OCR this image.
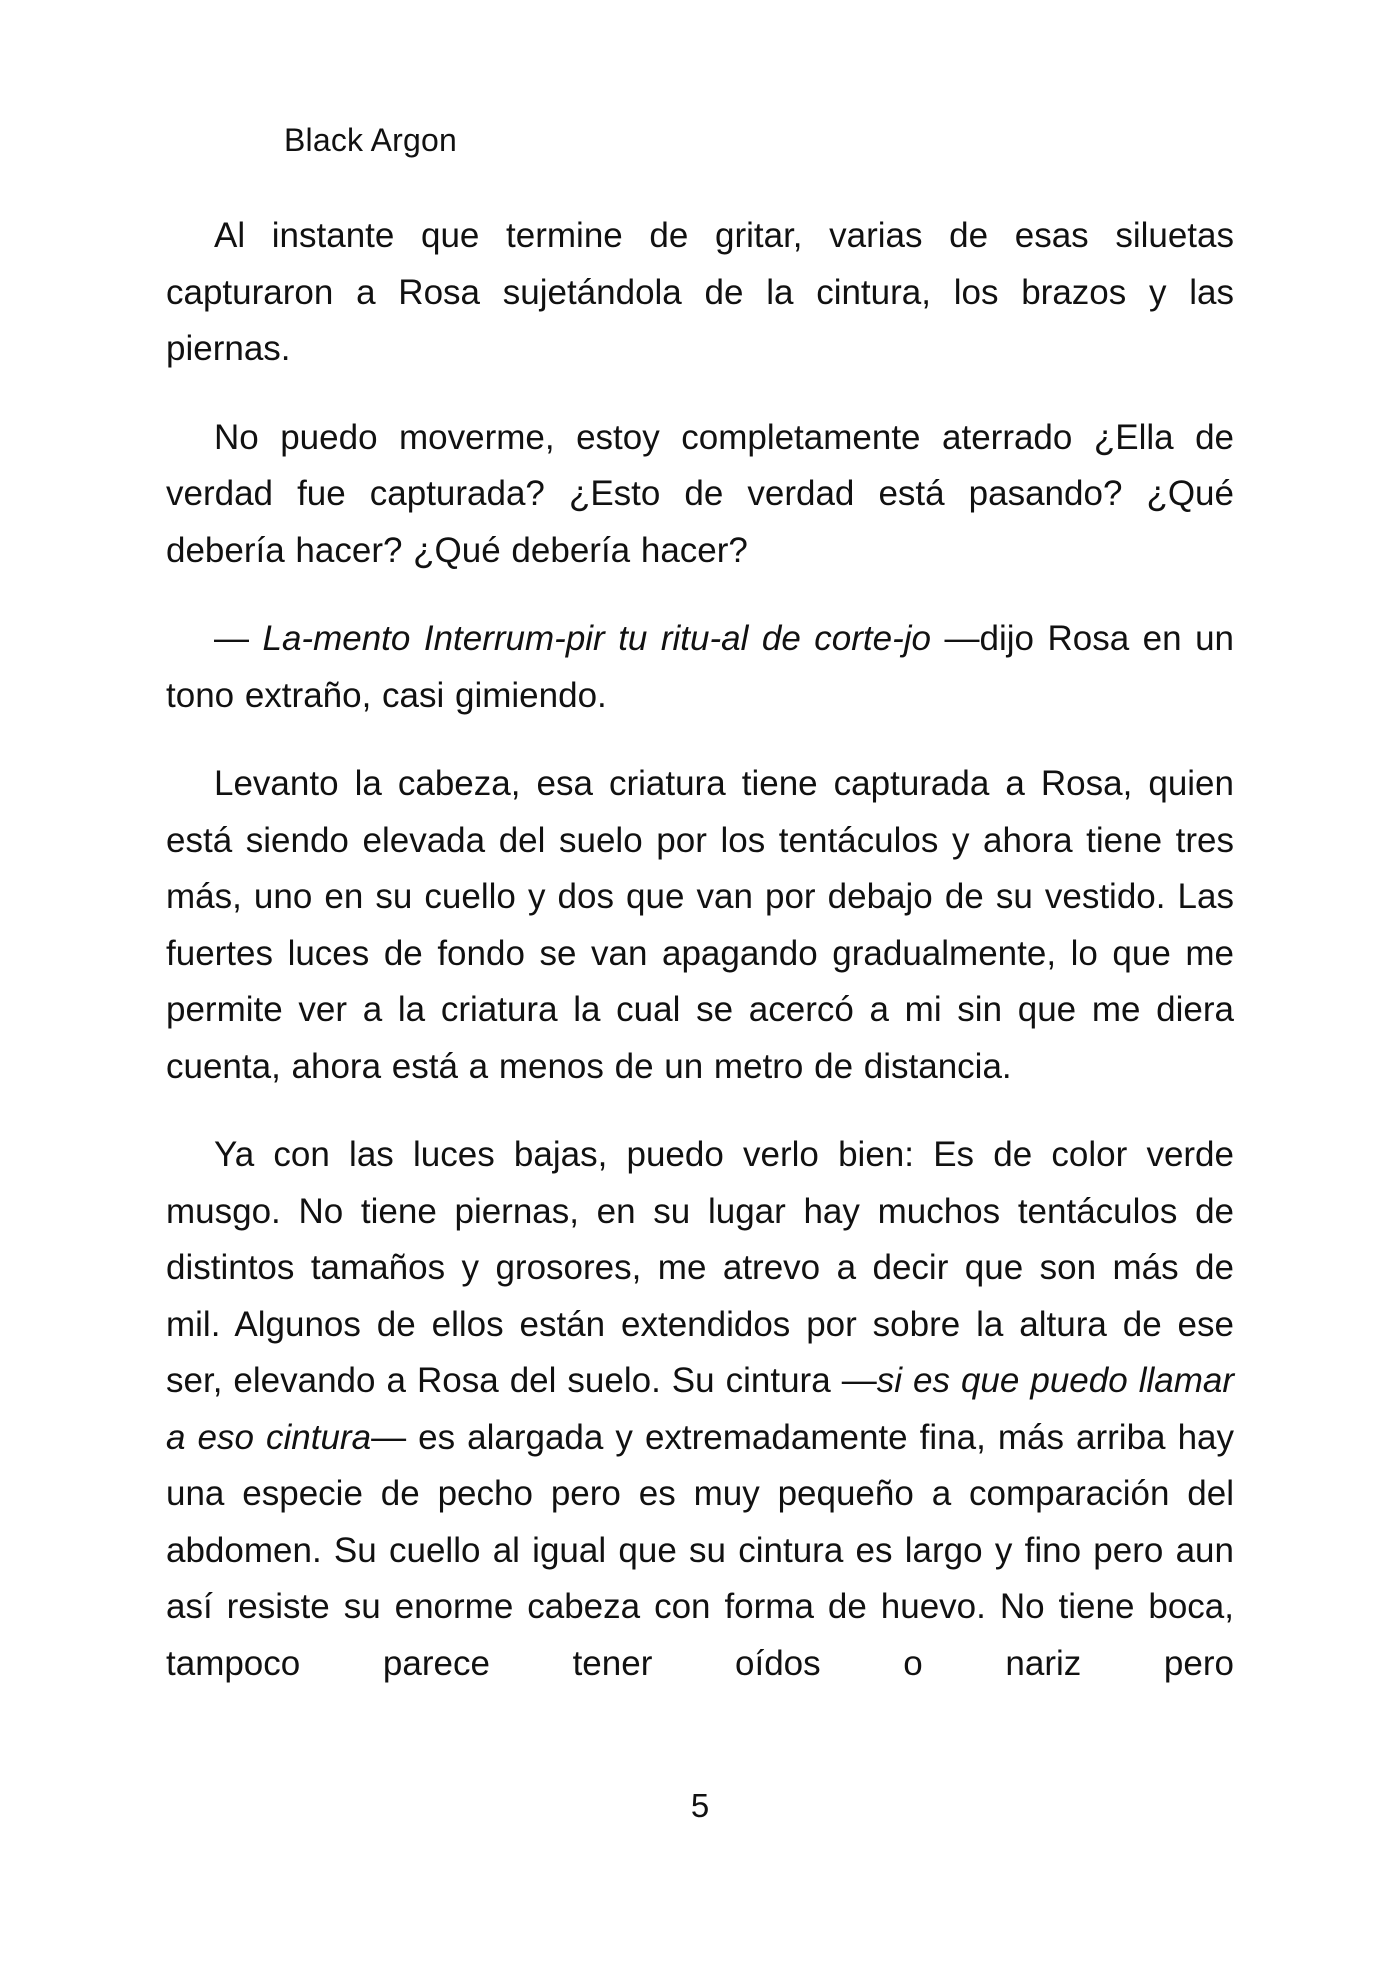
Black Argon

Al instante que termine de gritar, varias de esas siluetas capturaron a Rosa sujetándola de la cintura, los brazos y las piernas.

No puedo moverme, estoy completamente aterrado ¿Ella de verdad fue capturada? ¿Esto de verdad está pasando? ¿Qué debería hacer? ¿Qué debería hacer?

— La-mento Interrum-pir tu ritu-al de corte-jo —dijo Rosa en un tono extraño, casi gimiendo.

Levanto la cabeza, esa criatura tiene capturada a Rosa, quien está siendo elevada del suelo por los tentáculos y ahora tiene tres más, uno en su cuello y dos que van por debajo de su vestido. Las fuertes luces de fondo se van apagando gradualmente, lo que me permite ver a la criatura la cual se acercó a mi sin que me diera cuenta, ahora está a menos de un metro de distancia.

Ya con las luces bajas, puedo verlo bien: Es de color verde musgo. No tiene piernas, en su lugar hay muchos tentáculos de distintos tamaños y grosores, me atrevo a decir que son más de mil. Algunos de ellos están extendidos por sobre la altura de ese ser, elevando a Rosa del suelo. Su cintura —si es que puedo llamar a eso cintura— es alargada y extremadamente fina, más arriba hay una especie de pecho pero es muy pequeño a comparación del abdomen. Su cuello al igual que su cintura es largo y fino pero aun así resiste su enorme cabeza con forma de huevo. No tiene boca, tampoco parece tener oídos o nariz pero

5
